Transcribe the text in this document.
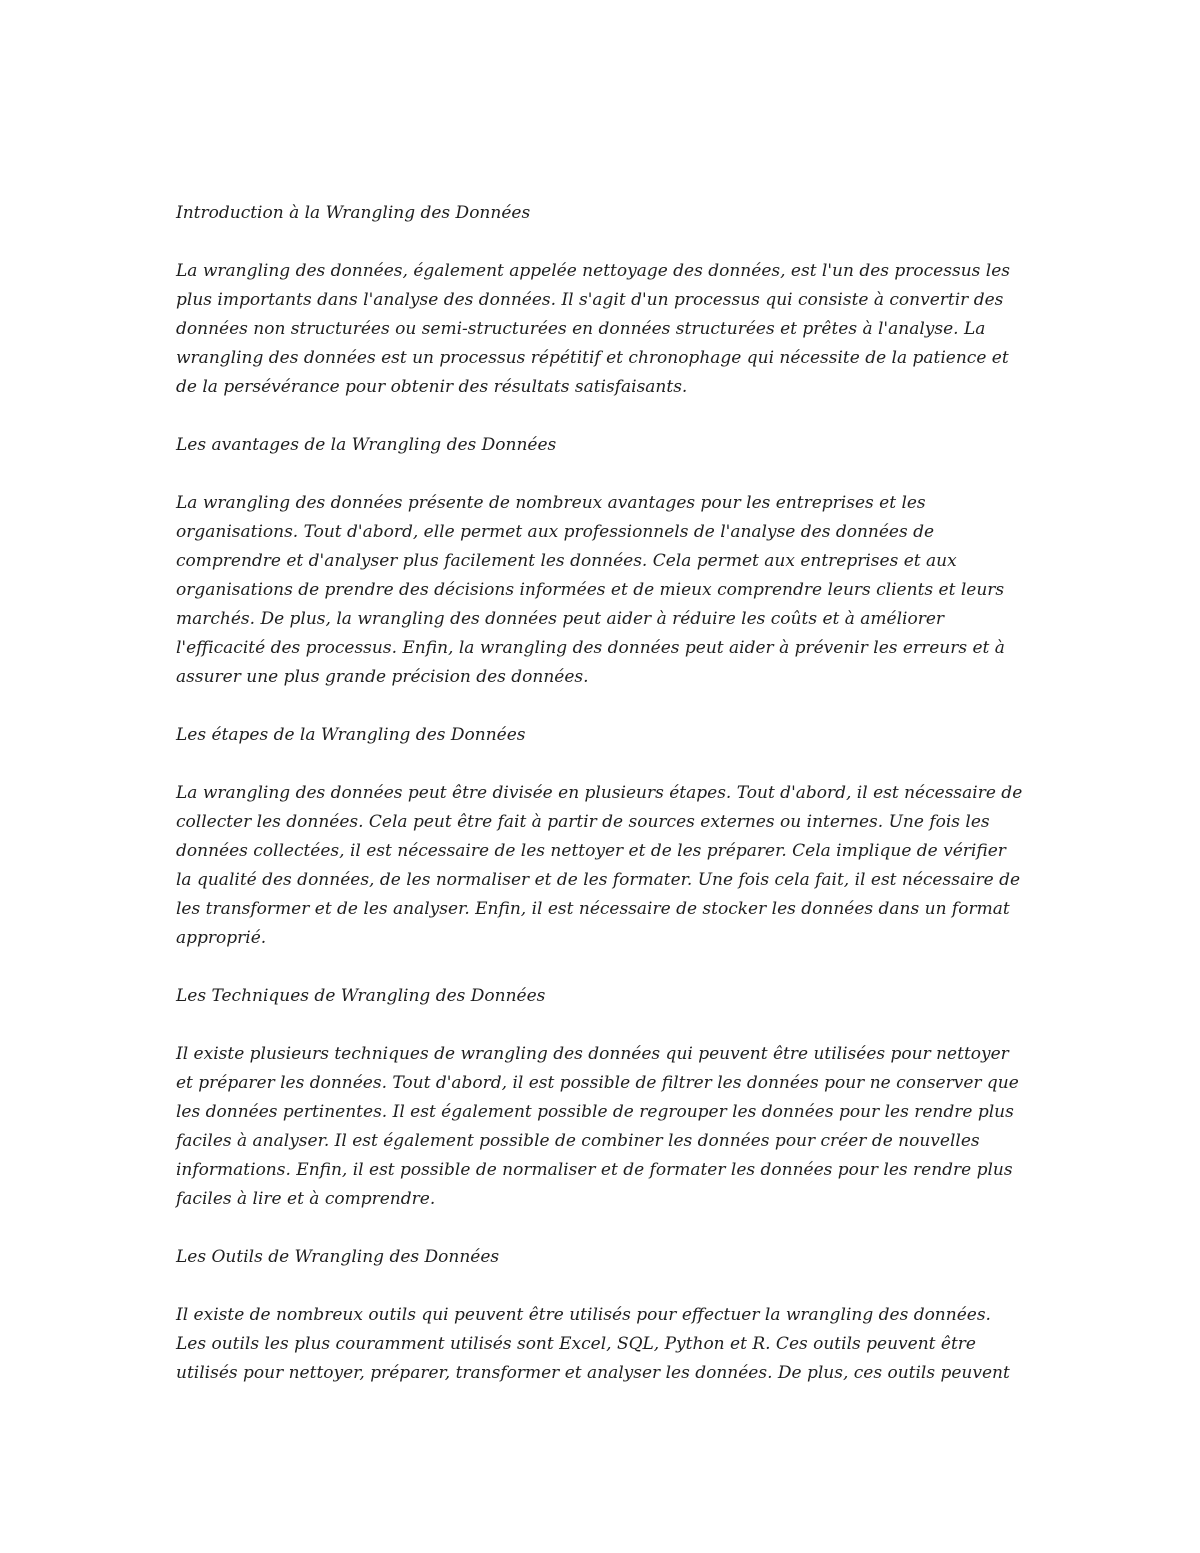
Introduction à la Wrangling des Données

La wrangling des données, également appelée nettoyage des données, est l'un des processus les plus importants dans l'analyse des données. Il s'agit d'un processus qui consiste à convertir des données non structurées ou semi-structurées en données structurées et prêtes à l'analyse. La wrangling des données est un processus répétitif et chronophage qui nécessite de la patience et de la persévérance pour obtenir des résultats satisfaisants.

Les avantages de la Wrangling des Données

La wrangling des données présente de nombreux avantages pour les entreprises et les organisations. Tout d'abord, elle permet aux professionnels de l'analyse des données de comprendre et d'analyser plus facilement les données. Cela permet aux entreprises et aux organisations de prendre des décisions informées et de mieux comprendre leurs clients et leurs marchés. De plus, la wrangling des données peut aider à réduire les coûts et à améliorer l'efficacité des processus. Enfin, la wrangling des données peut aider à prévenir les erreurs et à assurer une plus grande précision des données.

Les étapes de la Wrangling des Données

La wrangling des données peut être divisée en plusieurs étapes. Tout d'abord, il est nécessaire de collecter les données. Cela peut être fait à partir de sources externes ou internes. Une fois les données collectées, il est nécessaire de les nettoyer et de les préparer. Cela implique de vérifier la qualité des données, de les normaliser et de les formater. Une fois cela fait, il est nécessaire de les transformer et de les analyser. Enfin, il est nécessaire de stocker les données dans un format approprié.

Les Techniques de Wrangling des Données

Il existe plusieurs techniques de wrangling des données qui peuvent être utilisées pour nettoyer et préparer les données. Tout d'abord, il est possible de filtrer les données pour ne conserver que les données pertinentes. Il est également possible de regrouper les données pour les rendre plus faciles à analyser. Il est également possible de combiner les données pour créer de nouvelles informations. Enfin, il est possible de normaliser et de formater les données pour les rendre plus faciles à lire et à comprendre.

Les Outils de Wrangling des Données

Il existe de nombreux outils qui peuvent être utilisés pour effectuer la wrangling des données. Les outils les plus couramment utilisés sont Excel, SQL, Python et R. Ces outils peuvent être utilisés pour nettoyer, préparer, transformer et analyser les données. De plus, ces outils peuvent
